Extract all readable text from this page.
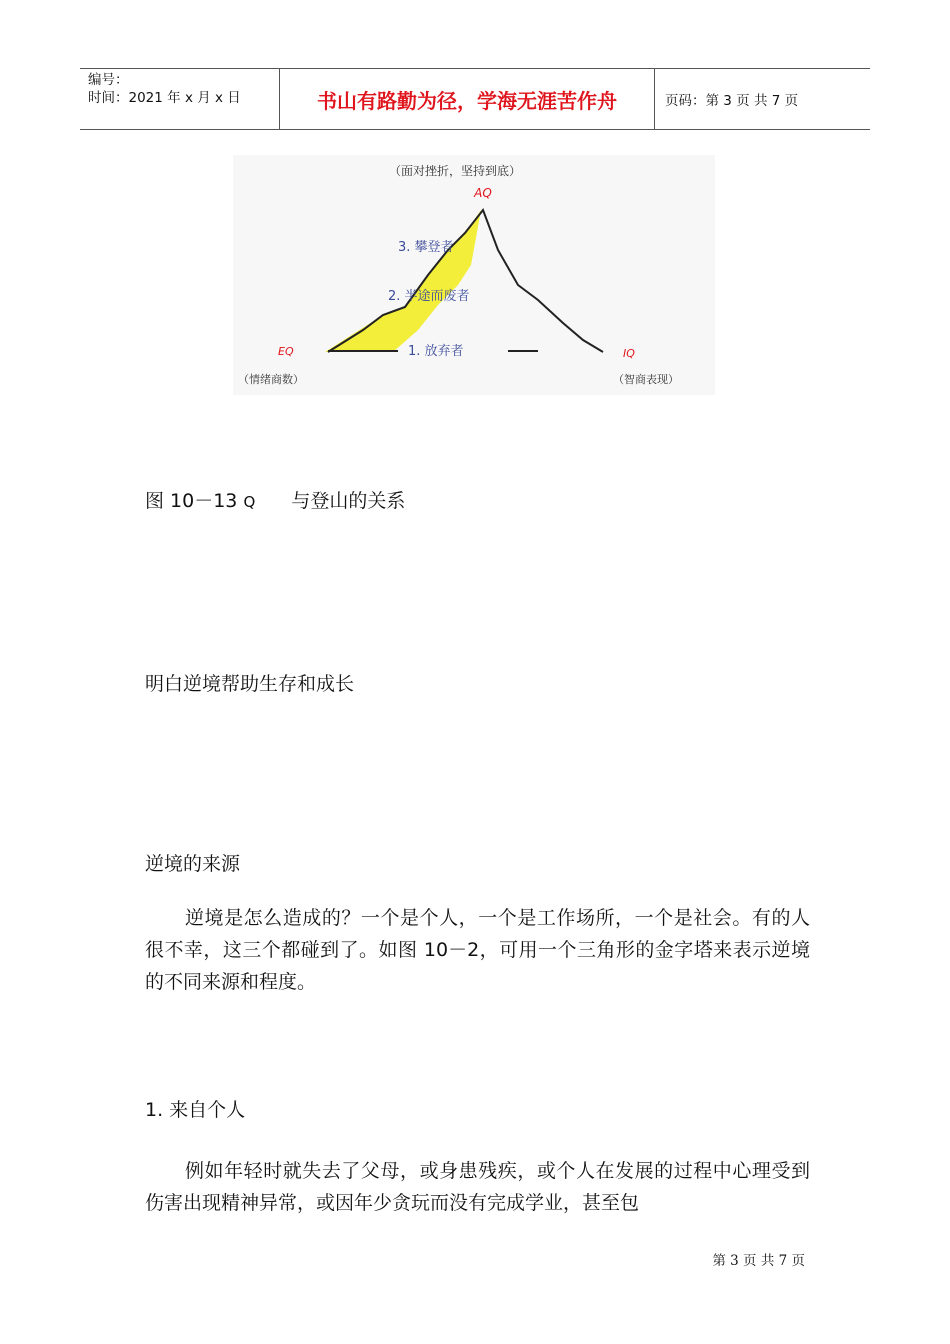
编号：
时间：2021 年 x 月 x 日	书山有路勤为径，学海无涯苦作舟	页码：第 3 页 共 7 页
（面对挫折，坚持到底）
AQ
3. 攀登者
2. 半途而废者
1. 放弃者
EQ	IQ
（情绪商数）	（智商表现）
图 10－13 Q 与登山的关系
明白逆境帮助生存和成长
逆境的来源
逆境是怎么造成的？一个是个人，一个是工作场所，一个是社会。有的人很不幸，这三个都碰到了。如图 10－2，可用一个三角形的金字塔来表示逆境的不同来源和程度。
1. 来自个人
例如年轻时就失去了父母，或身患残疾，或个人在发展的过程中心理受到伤害出现精神异常，或因年少贪玩而没有完成学业，甚至包
第 3 页 共 7 页
